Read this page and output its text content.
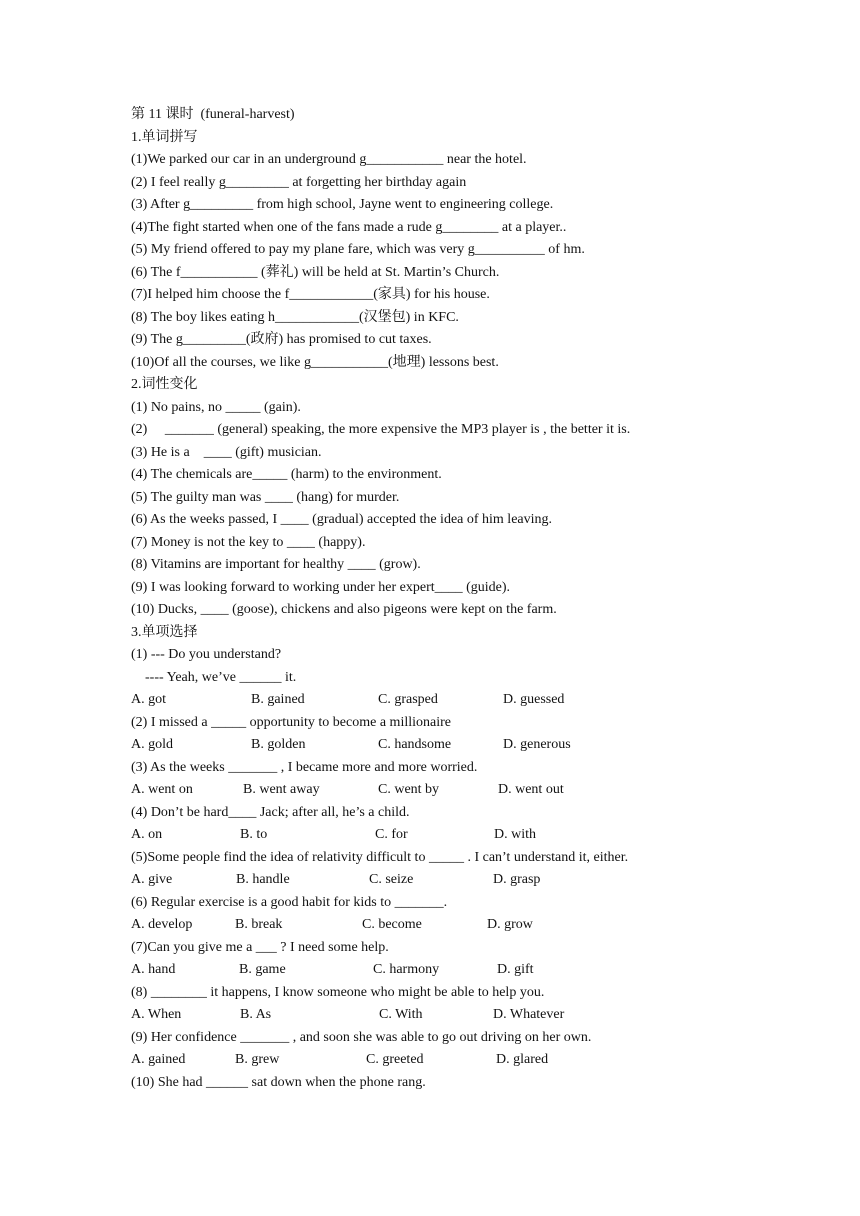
第 11 课时  (funeral-harvest)
1.单词拼写
(1)We parked our car in an underground g___________ near the hotel.
(2) I feel really g_________ at forgetting her birthday again
(3) After g_________ from high school, Jayne went to engineering college.
(4)The fight started when one of the fans made a rude g________ at a player..
(5) My friend offered to pay my plane fare, which was very g__________ of hm.
(6) The f___________ (葬礼) will be held at St. Martin’s Church.
(7)I helped him choose the f____________(家具) for his house.
(8) The boy likes eating h____________(汉堡包) in KFC.
(9) The g_________(政府) has promised to cut taxes.
(10)Of all the courses, we like g___________(地理) lessons best.
2.词性变化
(1) No pains, no _____ (gain).
(2)     _______ (general) speaking, the more expensive the MP3 player is , the better it is.
(3) He is a    ____ (gift) musician.
(4) The chemicals are_____ (harm) to the environment.
(5) The guilty man was ____ (hang) for murder.
(6) As the weeks passed, I ____ (gradual) accepted the idea of him leaving.
(7) Money is not the key to ____ (happy).
(8) Vitamins are important for healthy ____ (grow).
(9) I was looking forward to working under her expert____ (guide).
(10) Ducks, ____ (goose), chickens and also pigeons were kept on the farm.
3.单项选择
(1) --- Do you understand?
---- Yeah, we’ve ______ it.

A. got

	B. gained

	C. grasped

	D. guessed

(2) I missed a _____ opportunity to become a millionaire

A. gold

	B. golden

	C. handsome

	D. generous

(3) As the weeks _______ , I became more and more worried.

A. went on

	B. went away

	C. went by

	D. went out

(4) Don’t be hard____ Jack; after all, he’s a child.

A. on

	B. to

	C. for

	D. with

(5)Some people find the idea of relativity difficult to _____ . I can’t understand it, either.

A. give

	B. handle

	C. seize

	D. grasp

(6) Regular exercise is a good habit for kids to _______.

A. develop

	B. break

	C. become

	D. grow

(7)Can you give me a ___ ? I need some help.

A. hand

	B. game

	C. harmony

	D. gift

(8) ________ it happens, I know someone who might be able to help you.

A. When

	B. As

	C. With

	D. Whatever

(9) Her confidence _______ , and soon she was able to go out driving on her own.

A. gained

	B. grew

	C. greeted

	D. glared

(10) She had ______ sat down when the phone rang.
